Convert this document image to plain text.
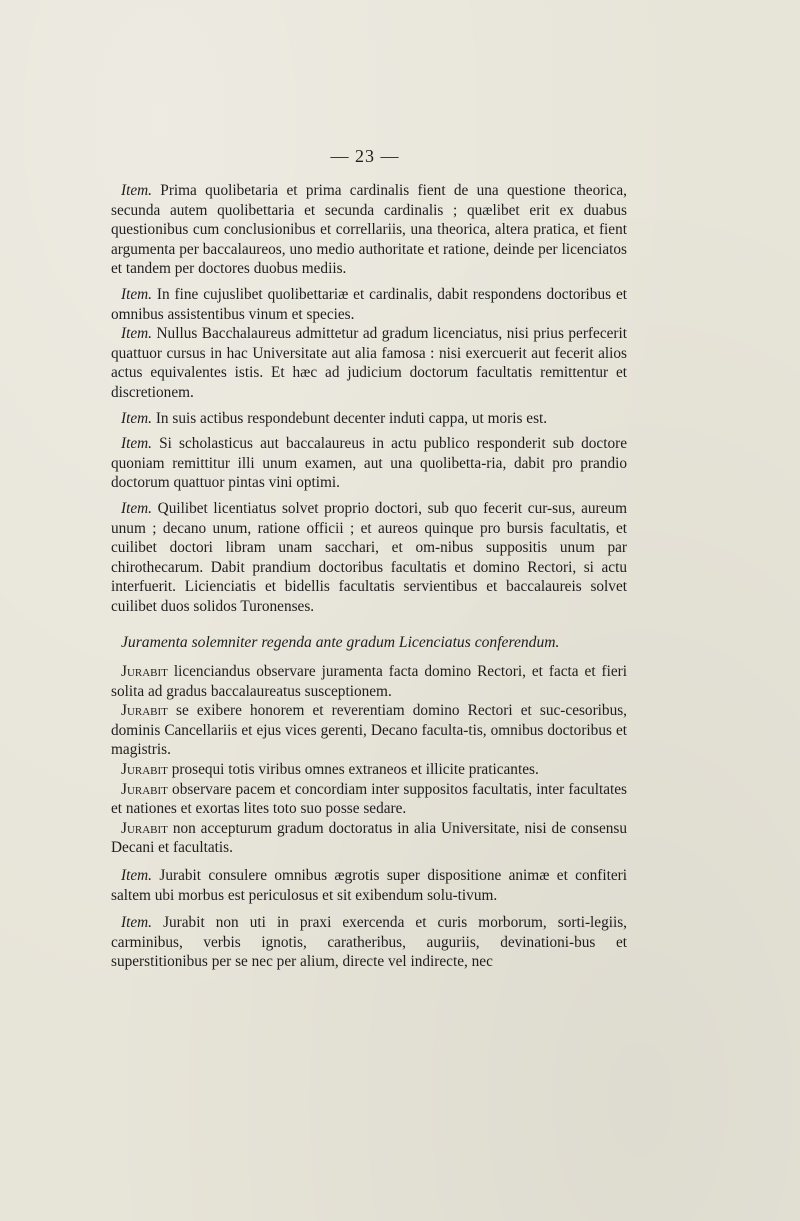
— 23 —

Item. Prima quolibetaria et prima cardinalis fient de una questione theorica, secunda autem quolibettaria et secunda cardinalis ; quælibet erit ex duabus questionibus cum conclusionibus et correllariis, una theorica, altera pratica, et fient argumenta per baccalaureos, uno medio authoritate et ratione, deinde per licenciatos et tandem per doctores duobus mediis.

Item. In fine cujuslibet quolibettariæ et cardinalis, dabit respondens doctoribus et omnibus assistentibus vinum et species.

Item. Nullus Bacchalaureus admittetur ad gradum licenciatus, nisi prius perfecerit quattuor cursus in hac Universitate aut alia famosa : nisi exercuerit aut fecerit alios actus equivalentes istis. Et hæc ad judicium doctorum facultatis remittentur et discretionem.

Item. In suis actibus respondebunt decenter induti cappa, ut moris est.

Item. Si scholasticus aut baccalaureus in actu publico responderit sub doctore quoniam remittitur illi unum examen, aut una quolibetta-ria, dabit pro prandio doctorum quattuor pintas vini optimi.

Item. Quilibet licentiatus solvet proprio doctori, sub quo fecerit cur-sus, aureum unum ; decano unum, ratione officii ; et aureos quinque pro bursis facultatis, et cuilibet doctori libram unam sacchari, et om-nibus suppositis unum par chirothecarum. Dabit prandium doctoribus facultatis et domino Rectori, si actu interfuerit. Licienciatis et bidellis facultatis servientibus et baccalaureis solvet cuilibet duos solidos Turonenses.

Juramenta solemniter regenda ante gradum Licenciatus conferendum.

Jurabit licenciandus observare juramenta facta domino Rectori, et facta et fieri solita ad gradus baccalaureatus susceptionem.

Jurabit se exibere honorem et reverentiam domino Rectori et suc-cesoribus, dominis Cancellariis et ejus vices gerenti, Decano faculta-tis, omnibus doctoribus et magistris.

Jurabit prosequi totis viribus omnes extraneos et illicite praticantes.

Jurabit observare pacem et concordiam inter suppositos facultatis, inter facultates et nationes et exortas lites toto suo posse sedare.

Jurabit non accepturum gradum doctoratus in alia Universitate, nisi de consensu Decani et facultatis.

Item. Jurabit consulere omnibus ægrotis super dispositione animæ et confiteri saltem ubi morbus est periculosus et sit exibendum solu-tivum.

Item. Jurabit non uti in praxi exercenda et curis morborum, sorti-legiis, carminibus, verbis ignotis, caratheribus, auguriis, devinationi-bus et superstitionibus per se nec per alium, directe vel indirecte, nec
